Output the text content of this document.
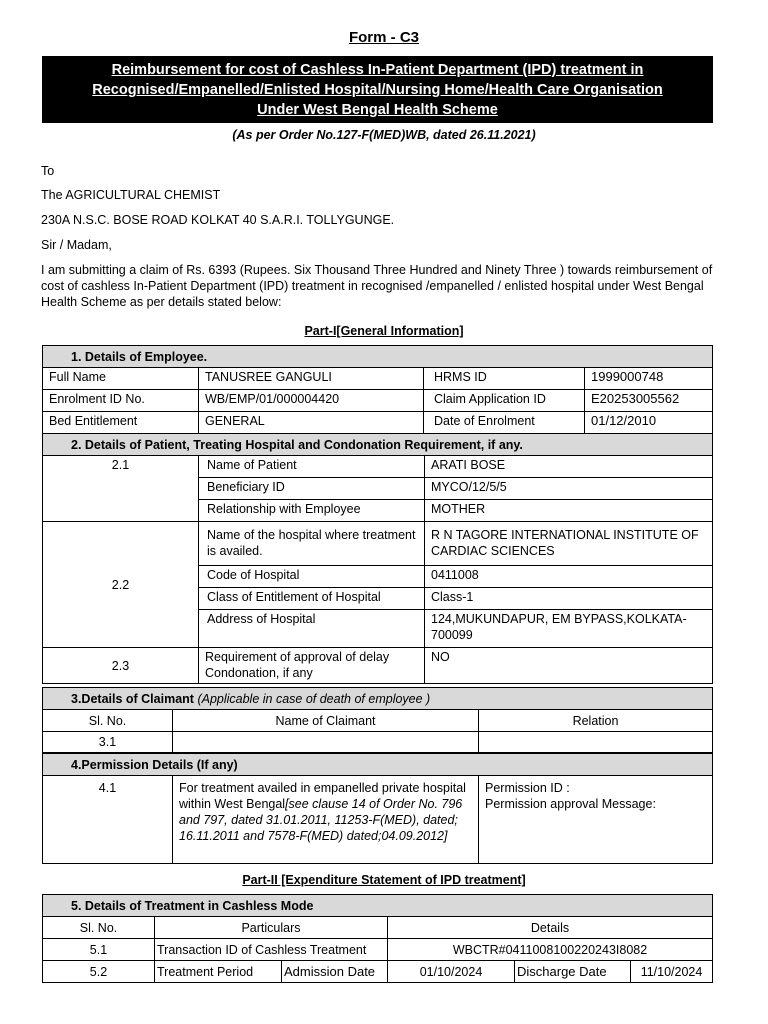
Form - C3
Reimbursement for cost of Cashless In-Patient Department (IPD) treatment in
Recognised/Empanelled/Enlisted Hospital/Nursing Home/Health Care Organisation
Under West Bengal Health Scheme
(As per Order No.127-F(MED)WB, dated 26.11.2021)
To
The AGRICULTURAL CHEMIST
230A N.S.C. BOSE ROAD KOLKAT 40 S.A.R.I. TOLLYGUNGE.
Sir / Madam,
I am submitting a claim of Rs. 6393 (Rupees. Six Thousand Three Hundred and Ninety Three ) towards reimbursement of cost of cashless In-Patient Department (IPD) treatment in recognised /empanelled / enlisted hospital under West Bengal Health Scheme as per details stated below:
Part-I[General Information]
1. Details of Employee.			
Full Name	TANUSREE GANGULI	HRMS ID	1999000748
Enrolment ID No.	WB/EMP/01/000004420	Claim Application ID	E20253005562
Bed Entitlement	GENERAL	Date of Enrolment	01/12/2010
2. Details of Patient, Treating Hospital and Condonation Requirement, if any.		
2.1	Name of Patient	ARATI BOSE
	Beneficiary ID	MYCO/12/5/5
	Relationship with Employee	MOTHER
2.2	Name of the hospital where treatment is availed.	R N TAGORE INTERNATIONAL INSTITUTE OF CARDIAC SCIENCES
	Code of Hospital	0411008
	Class of Entitlement of Hospital	Class-1
	Address of Hospital	124,MUKUNDAPUR, EM BYPASS,KOLKATA-700099
2.3	Requirement of approval of delay Condonation, if any	NO
3.Details of Claimant (Applicable in case of death of employee )		
Sl. No.	Name of Claimant	Relation
3.1		
4.Permission Details (If any)
4.1	For treatment availed in empanelled private hospital within West Bengal[see clause 14 of Order No. 796 and 797, dated 31.01.2011, 11253-F(MED), dated; 16.11.2011 and 7578-F(MED) dated;04.09.2012]	
Permission ID :
Permission approval Message:
Part-II [Expenditure Statement of IPD treatment]
5. Details of Treatment in Cashless Mode					
Sl. No.	Particulars		Details		
5.1	Transaction ID of Cashless Treatment		WBCTR#0411008100220243I8082		
5.2	Treatment Period	Admission Date	01/10/2024	Discharge Date	11/10/2024
